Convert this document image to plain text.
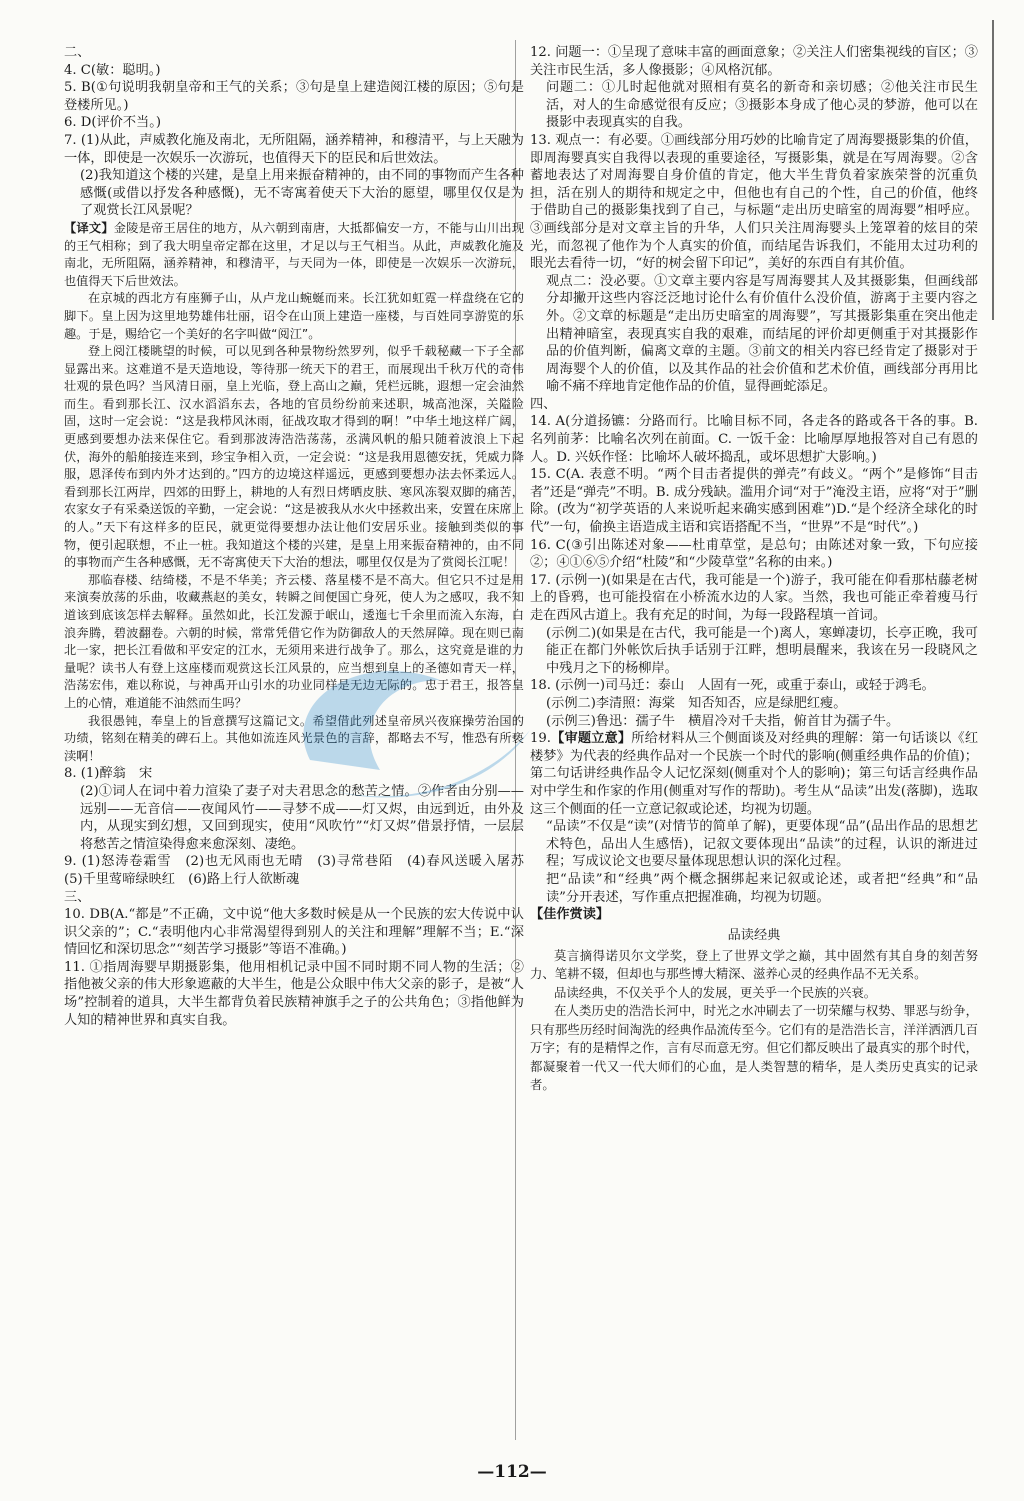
二、

4. C(敏：聪明。)

5. B(①句说明我朝皇帝和王气的关系；③句是皇上建造阅江楼的原因；⑤句是登楼所见。)

6. D(评价不当。)

7. (1)从此，声威教化施及南北，无所阻隔，涵养精神，和穆清平，与上天融为一体，即使是一次娱乐一次游玩，也值得天下的臣民和后世效法。

(2)我知道这个楼的兴建，是皇上用来振奋精神的，由不同的事物而产生各种感慨(或借以抒发各种感慨)，无不寄寓着使天下大治的愿望，哪里仅仅是为了观赏长江风景呢？

【译文】金陵是帝王居住的地方，从六朝到南唐，大抵都偏安一方，不能与山川出现的王气相称；到了我大明皇帝定都在这里，才足以与王气相当。从此，声威教化施及南北，无所阻隔，涵养精神，和穆清平，与天同为一体，即使是一次娱乐一次游玩，也值得天下后世效法。

在京城的西北方有座狮子山，从卢龙山蜿蜒而来。长江犹如虹霓一样盘绕在它的脚下。皇上因为这里地势雄伟壮丽，诏令在山顶上建造一座楼，与百姓同享游览的乐趣。于是，赐给它一个美好的名字叫做“阅江”。

登上阅江楼眺望的时候，可以见到各种景物纷然罗列，似乎千载秘藏一下子全部显露出来。这难道不是天造地设，等待那一统天下的君王，而展现出千秋万代的奇伟壮观的景色吗？当风清日丽，皇上光临，登上高山之巅，凭栏远眺，遐想一定会油然而生。看到那长江、汉水滔滔东去，各地的官员纷纷前来述职，城高池深，关隘险固，这时一定会说：“这是我栉风沐雨，征战攻取才得到的啊！”中华土地这样广阔，更感到要想办法来保住它。看到那波涛浩浩荡荡，丞满风帆的船只随着波浪上下起伏，海外的船舶接连来到，珍宝争相入贡，一定会说：“这是我用恩德安抚，凭威力降服，恩泽传布到内外才达到的。”四方的边境这样遥远，更感到要想办法去怀柔远人。看到那长江两岸，四郊的田野上，耕地的人有烈日烤晒皮肤、寒风冻裂双脚的痛苦，农家女子有采桑送饭的辛勤，一定会说：“这是被我从水火中拯救出来，安置在床席上的人。”天下有这样多的臣民，就更觉得要想办法让他们安居乐业。接触到类似的事物，便引起联想，不止一桩。我知道这个楼的兴建，是皇上用来振奋精神的，由不同的事物而产生各种感慨，无不寄寓使天下大治的想法，哪里仅仅是为了赏阅长江呢！

那临春楼、结绮楼，不是不华美；齐云楼、落星楼不是不高大。但它只不过是用来演奏放荡的乐曲，收藏燕赵的美女，转瞬之间便国亡身死，使人为之感叹，我不知道该到底该怎样去解释。虽然如此，长江发源于岷山，逶迤七千余里而流入东海，白浪奔腾，碧波翻卷。六朝的时候，常常凭借它作为防御敌人的天然屏障。现在则已南北一家，把长江看做和平安定的江水，无须用来进行战争了。那么，这究竟是谁的力量呢？读书人有登上这座楼而观赏这长江风景的，应当想到皇上的圣德如青天一样，浩荡宏伟，难以称说，与神禹开山引水的功业同样是无边无际的。忠于君王，报答皇上的心情，难道能不油然而生吗？

我很愚钝，奉皇上的旨意撰写这篇记文。希望借此列述皇帝夙兴夜寐操劳治国的功绩，铭刻在精美的碑石上。其他如流连风光景色的言辞，都略去不写，惟恐有所亵渎啊！

8. (1)醉翁　宋

(2)①词人在词中着力渲染了妻子对夫君思念的愁苦之情。②作者由分别——远别——无音信——夜闻风竹——寻梦不成——灯又烬，由远到近，由外及内，从现实到幻想，又回到现实，使用“风吹竹”“灯又烬”借景抒情，一层层将愁苦之情渲染得愈来愈深刻、凄绝。

9. (1)怒涛卷霜雪　(2)也无风雨也无晴　(3)寻常巷陌　(4)春风送暖入屠苏　(5)千里莺啼绿映红　(6)路上行人欲断魂

三、

10. DB(A.“都是”不正确，文中说“他大多数时候是从一个民族的宏大传说中认识父亲的”；C.“表明他内心非常渴望得到别人的关注和理解”理解不当；E.“深情回忆和深切思念”“刻苦学习摄影”等语不准确。)

11. ①指周海婴早期摄影集，他用相机记录中国不同时期不同人物的生活；②指他被父亲的伟大形象遮蔽的大半生，他是公众眼中伟大父亲的影子，是被“人场”控制着的道具，大半生都背负着民族精神旗手之子的公共角色；③指他鲜为人知的精神世界和真实自我。

12. 问题一：①呈现了意味丰富的画面意象；②关注人们密集视线的盲区；③关注市民生活，多人像摄影；④风格沉郁。

问题二：①儿时起他就对照相有莫名的新奇和亲切感；②他关注市民生活，对人的生命感觉很有反应；③摄影本身成了他心灵的梦游，他可以在摄影中表现真实的自我。

13. 观点一：有必要。①画线部分用巧妙的比喻肯定了周海婴摄影集的价值，即周海婴真实自我得以表现的重要途径，写摄影集，就是在写周海婴。②含蓄地表达了对周海婴自身价值的肯定，他大半生背负着家族荣誉的沉重负担，活在别人的期待和规定之中，但他也有自己的个性，自己的价值，他终于借助自己的摄影集找到了自己，与标题“走出历史暗室的周海婴”相呼应。③画线部分是对文章主旨的升华，人们只关注周海婴头上笼罩着的炫目的荣光，而忽视了他作为个人真实的价值，而结尾告诉我们，不能用太过功利的眼光去看待一切，“好的树会留下印记”，美好的东西自有其价值。

观点二：没必要。①文章主要内容是写周海婴其人及其摄影集，但画线部分却撇开这些内容泛泛地讨论什么有价值什么没价值，游离于主要内容之外。②文章的标题是“走出历史暗室的周海婴”，写其摄影集重在突出他走出精神暗室，表现真实自我的艰难，而结尾的评价却更侧重于对其摄影作品的价值判断，偏离文章的主题。③前文的相关内容已经肯定了摄影对于周海婴个人的价值，以及其作品的社会价值和艺术价值，画线部分再用比喻不痛不痒地肯定他作品的价值，显得画蛇添足。

四、

14. A(分道扬镳：分路而行。比喻目标不同，各走各的路或各干各的事。B. 名列前茅：比喻名次列在前面。C. 一饭千金：比喻厚厚地报答对自己有恩的人。D. 兴妖作怪：比喻坏人破坏捣乱，或坏思想扩大影响。)

15. C(A. 表意不明。“两个目击者提供的弹壳”有歧义。“两个”是修饰“目击者”还是“弹壳”不明。B. 成分残缺。滥用介词“对于”淹没主语，应将“对于”删除。(改为“初学英语的人来说听起来确实感到困难”)D.“是个经济全球化的时代”一句，偷换主语造成主语和宾语搭配不当，“世界”不是“时代”。)

16. C(③引出陈述对象——杜甫草堂，是总句；由陈述对象一致，下句应接②；④①⑥⑤介绍“杜陵”和“少陵草堂”名称的由来。)

17. (示例一)(如果是在古代，我可能是一个)游子，我可能在仰看那枯藤老树上的昏鸦，也可能投宿在小桥流水边的人家。当然，我也可能正牵着瘦马行走在西风古道上。我有充足的时间，为每一段路程填一首词。

(示例二)(如果是在古代，我可能是一个)离人，寒蝉凄切，长亭正晚，我可能正在都门外帐饮后执手话别于江畔，想明晨醒来，我该在另一段晓风之中残月之下的杨柳岸。

18. (示例一)司马迁：泰山　人固有一死，或重于泰山，或轻于鸿毛。

(示例二)李清照：海棠　知否知否，应是绿肥红瘦。

(示例三)鲁迅：孺子牛　横眉冷对千夫指，俯首甘为孺子牛。

19.【审题立意】所给材料从三个侧面谈及对经典的理解：第一句话谈以《红楼梦》为代表的经典作品对一个民族一个时代的影响(侧重经典作品的价值)；第二句话讲经典作品令人记忆深刻(侧重对个人的影响)；第三句话言经典作品对中学生和作家的作用(侧重对写作的帮助)。考生从“品读”出发(落脚)，选取这三个侧面的任一立意记叙或论述，均视为切题。

“品读”不仅是“读”(对情节的简单了解)，更要体现“品”(品出作品的思想艺术特色，品出人生感悟)，记叙文要体现出“品读”的过程，认识的渐进过程；写成议论文也要尽量体现思想认识的深化过程。

把“品读”和“经典”两个概念捆绑起来记叙或论述，或者把“经典”和“品读”分开表述，写作重点把握准确，均视为切题。

【佳作赏读】

品读经典

莫言摘得诺贝尔文学奖，登上了世界文学之巅，其中固然有其自身的刻苦努力、笔耕不辍，但却也与那些博大精深、滋养心灵的经典作品不无关系。

品读经典，不仅关乎个人的发展，更关乎一个民族的兴衰。

在人类历史的浩浩长河中，时光之水冲刷去了一切荣耀与权势、罪恶与纷争，只有那些历经时间淘洗的经典作品流传至今。它们有的是浩浩长言，洋洋洒洒几百万字；有的是精悍之作，言有尽而意无穷。但它们都反映出了最真实的那个时代，都凝聚着一代又一代大师们的心血，是人类智慧的精华，是人类历史真实的记录者。

—112—
